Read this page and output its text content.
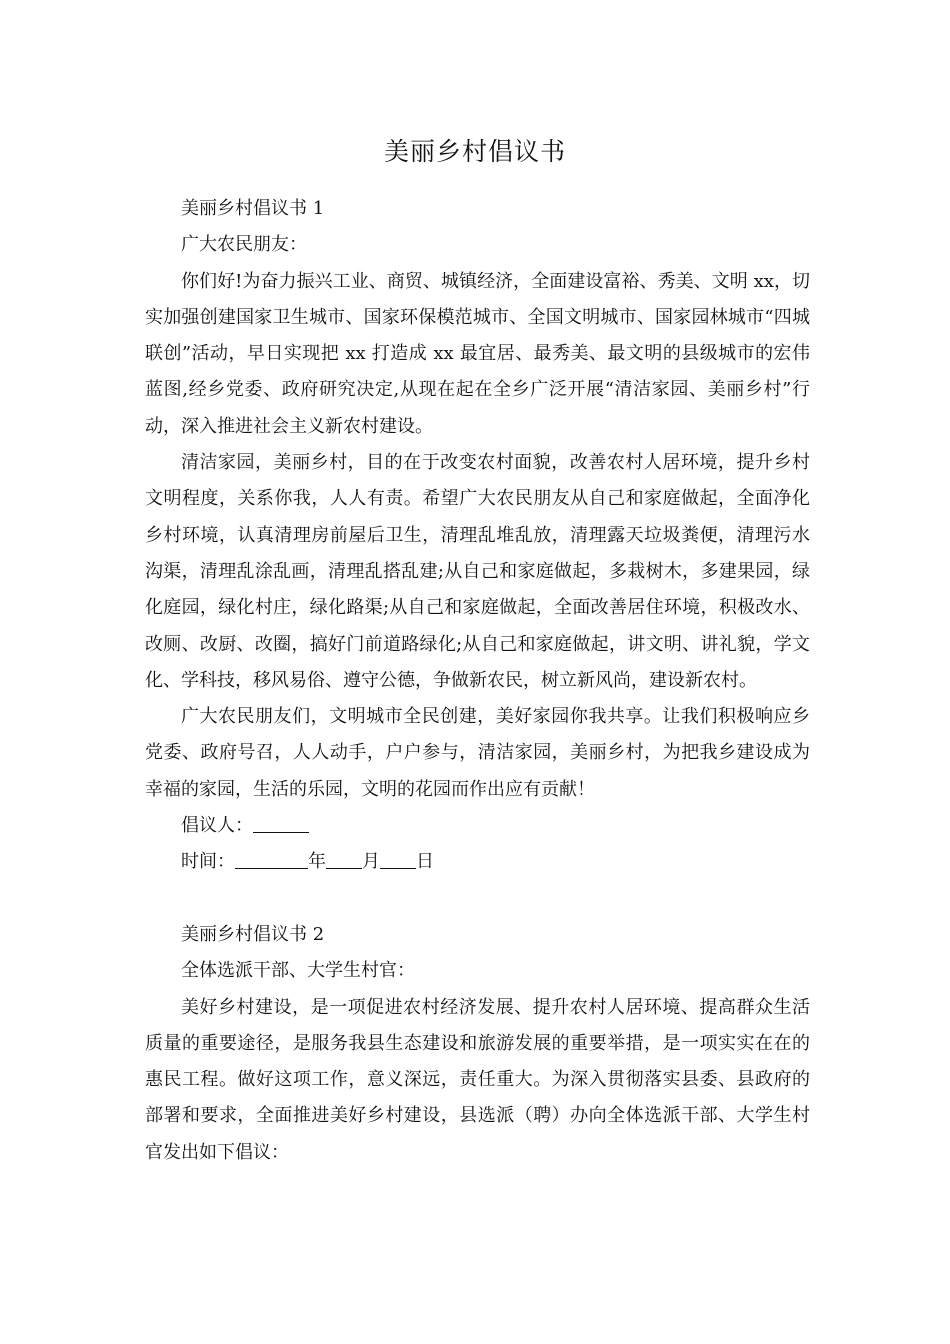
美丽乡村倡议书

美丽乡村倡议书 1

广大农民朋友：

你们好!为奋力振兴工业、商贸、城镇经济，全面建设富裕、秀美、文明 xx，切实加强创建国家卫生城市、国家环保模范城市、全国文明城市、国家园林城市“四城联创”活动，早日实现把 xx 打造成 xx 最宜居、最秀美、最文明的县级城市的宏伟蓝图,经乡党委、政府研究决定,从现在起在全乡广泛开展“清洁家园、美丽乡村”行动，深入推进社会主义新农村建设。

清洁家园，美丽乡村，目的在于改变农村面貌，改善农村人居环境，提升乡村文明程度，关系你我，人人有责。希望广大农民朋友从自己和家庭做起，全面净化乡村环境，认真清理房前屋后卫生，清理乱堆乱放，清理露天垃圾粪便，清理污水沟渠，清理乱涂乱画，清理乱搭乱建;从自己和家庭做起，多栽树木，多建果园，绿化庭园，绿化村庄，绿化路渠;从自己和家庭做起，全面改善居住环境，积极改水、改厕、改厨、改圈，搞好门前道路绿化;从自己和家庭做起，讲文明、讲礼貌，学文化、学科技，移风易俗、遵守公德，争做新农民，树立新风尚，建设新农村。

广大农民朋友们，文明城市全民创建，美好家园你我共享。让我们积极响应乡党委、政府号召，人人动手，户户参与，清洁家园，美丽乡村，为把我乡建设成为幸福的家园，生活的乐园，文明的花园而作出应有贡献！

倡议人：

时间：	年 月 日

美丽乡村倡议书 2

全体选派干部、大学生村官：

美好乡村建设，是一项促进农村经济发展、提升农村人居环境、提高群众生活质量的重要途径，是服务我县生态建设和旅游发展的重要举措，是一项实实在在的惠民工程。做好这项工作，意义深远，责任重大。为深入贯彻落实县委、县政府的部署和要求，全面推进美好乡村建设，县选派（聘）办向全体选派干部、大学生村官发出如下倡议：
